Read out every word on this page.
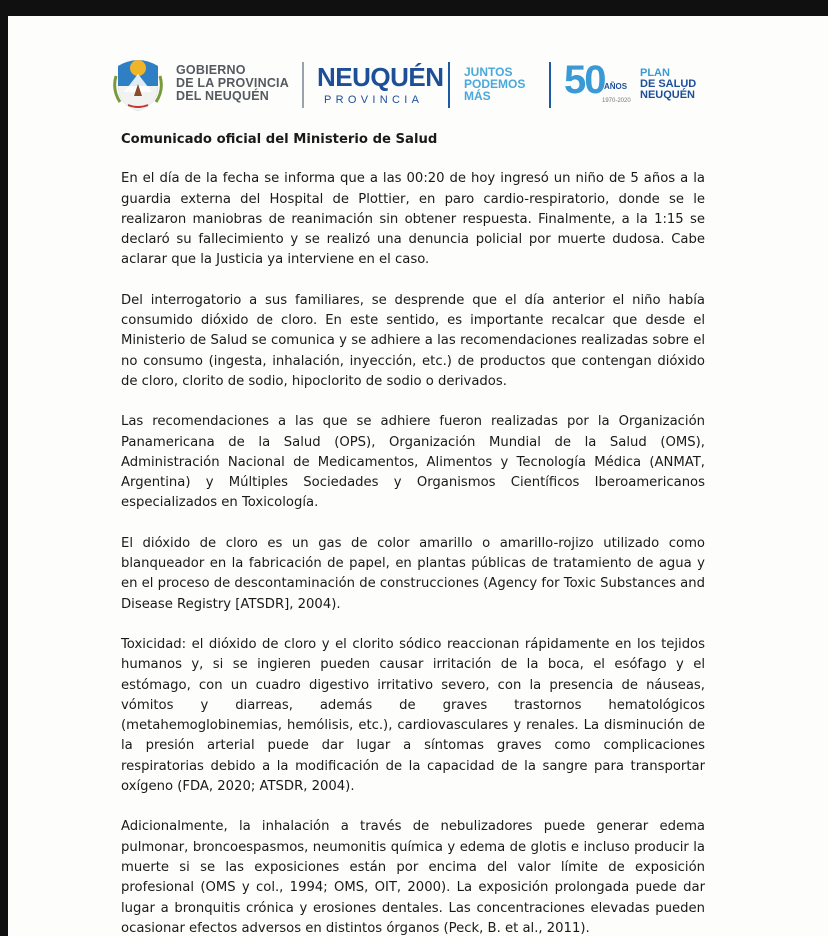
GOBIERNO
DE LA PROVINCIA
DEL NEUQUÉN
NEUQUÉN
PROVINCIA
JUNTOS
PODEMOS
MÁS	50 AÑOS
1970-2020
PLAN
DE SALUD
NEUQUÉN

Comunicado oficial del Ministerio de Salud

En el día de la fecha se informa que a las 00:20 de hoy ingresó un niño de 5 años a la guardia externa del Hospital de Plottier, en paro cardio-respiratorio, donde se le realizaron maniobras de reanimación sin obtener respuesta. Finalmente, a la 1:15 se declaró su fallecimiento y se realizó una denuncia policial por muerte dudosa. Cabe aclarar que la Justicia ya interviene en el caso.

Del interrogatorio a sus familiares, se desprende que el día anterior el niño había consumido dióxido de cloro. En este sentido, es importante recalcar que desde el Ministerio de Salud se comunica y se adhiere a las recomendaciones realizadas sobre el no consumo (ingesta, inhalación, inyección, etc.) de productos que contengan dióxido de cloro, clorito de sodio, hipoclorito de sodio o derivados.

Las recomendaciones a las que se adhiere fueron realizadas por la Organización Panamericana de la Salud (OPS), Organización Mundial de la Salud (OMS), Administración Nacional de Medicamentos, Alimentos y Tecnología Médica (ANMAT, Argentina) y Múltiples Sociedades y Organismos Científicos Iberoamericanos especializados en Toxicología.

El dióxido de cloro es un gas de color amarillo o amarillo-rojizo utilizado como blanqueador en la fabricación de papel, en plantas públicas de tratamiento de agua y en el proceso de descontaminación de construcciones (Agency for Toxic Substances and Disease Registry [ATSDR], 2004).

Toxicidad: el dióxido de cloro y el clorito sódico reaccionan rápidamente en los tejidos humanos y, si se ingieren pueden causar irritación de la boca, el esófago y el estómago, con un cuadro digestivo irritativo severo, con la presencia de náuseas, vómitos y diarreas, además de graves trastornos hematológicos (metahemoglobinemias, hemólisis, etc.), cardiovasculares y renales. La disminución de la presión arterial puede dar lugar a síntomas graves como complicaciones respiratorias debido a la modificación de la capacidad de la sangre para transportar oxígeno (FDA, 2020; ATSDR, 2004).

Adicionalmente, la inhalación a través de nebulizadores puede generar edema pulmonar, broncoespasmos, neumonitis química y edema de glotis e incluso producir la muerte si se las exposiciones están por encima del valor límite de exposición profesional (OMS y col., 1994; OMS, OIT, 2000). La exposición prolongada puede dar lugar a bronquitis crónica y erosiones dentales. Las concentraciones elevadas pueden ocasionar efectos adversos en distintos órganos (Peck, B. et al., 2011).
